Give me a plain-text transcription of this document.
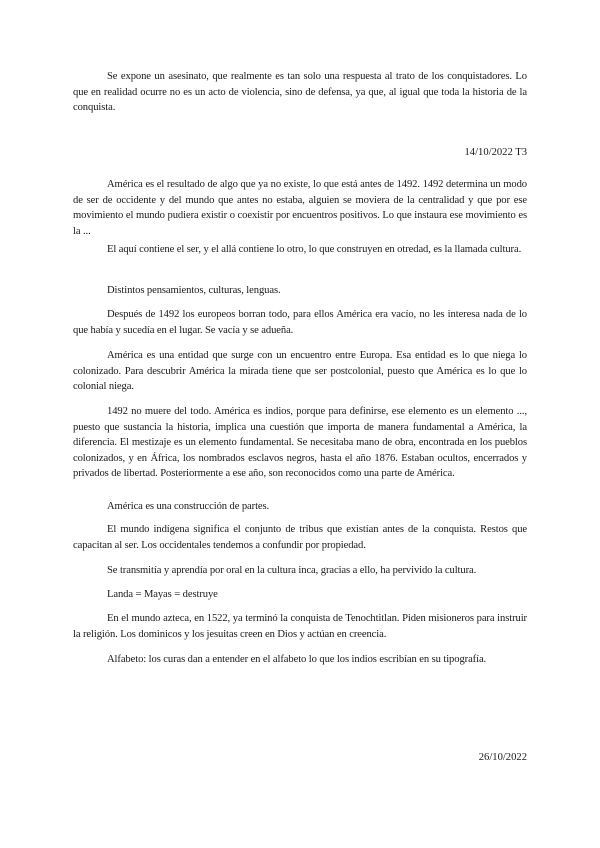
Se expone un asesinato, que realmente es tan solo una respuesta al trato de los conquistadores. Lo que en realidad ocurre no es un acto de violencia, sino de defensa, ya que, al igual que toda la historia de la conquista.

14/10/2022 T3

América es el resultado de algo que ya no existe, lo que está antes de 1492. 1492 determina un modo de ser de occidente y del mundo que antes no estaba, alguien se moviera de la centralidad y que por ese movimiento el mundo pudiera existir o coexistir por encuentros positivos. Lo que instaura ese movimiento es la ...

El aquí contiene el ser, y el allá contiene lo otro, lo que construyen en otredad, es la llamada cultura.

Distintos pensamientos, culturas, lenguas.

Después de 1492 los europeos borran todo, para ellos América era vacío, no les interesa nada de lo que había y sucedía en el lugar. Se vacía y se adueña.

América es una entidad que surge con un encuentro entre Europa. Esa entidad es lo que niega lo colonizado. Para descubrir América la mirada tiene que ser postcolonial, puesto que América es lo que lo colonial niega.

1492 no muere del todo. América es indios, porque para definirse, ese elemento es un elemento ..., puesto que sustancia la historia, implica una cuestión que importa de manera fundamental a América, la diferencia. El mestizaje es un elemento fundamental. Se necesitaba mano de obra, encontrada en los pueblos colonizados, y en África, los nombrados esclavos negros, hasta el año 1876. Estaban ocultos, encerrados y privados de libertad. Posteriormente a ese año, son reconocidos como una parte de América.

América es una construcción de partes.

El mundo indígena significa el conjunto de tribus que existían antes de la conquista. Restos que capacitan al ser. Los occidentales tendemos a confundir por propiedad.

Se transmitía y aprendía por oral en la cultura inca, gracias a ello, ha pervivido la cultura.

Landa = Mayas = destruye

En el mundo azteca, en 1522, ya terminó la conquista de Tenochtitlan. Piden misioneros para instruir la religión. Los dominicos y los jesuitas creen en Dios y actúan en creencia.

Alfabeto: los curas dan a entender en el alfabeto lo que los indios escribían en su tipografía.

26/10/2022
